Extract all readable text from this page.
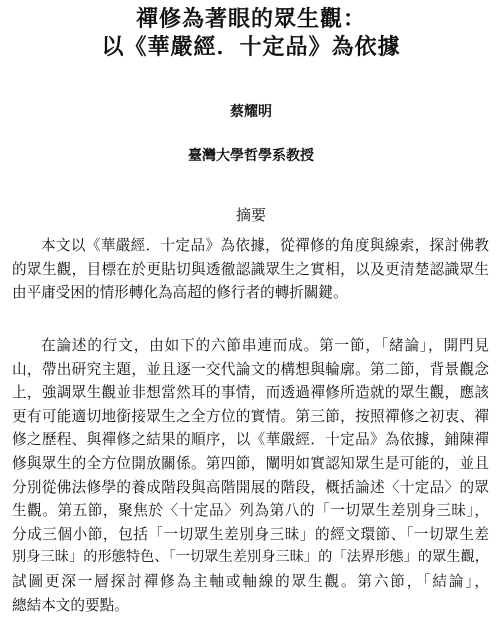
禪修為著眼的眾生觀：
以《華嚴經．十定品》為依據
蔡耀明
臺灣大學哲學系教授
摘要
本文以《華嚴經．十定品》為依據，從禪修的角度與線索，探討佛教
的眾生觀，目標在於更貼切與透徹認識眾生之實相，以及更清楚認識眾生
由平庸受困的情形轉化為高超的修行者的轉折關鍵。
在論述的行文，由如下的六節串連而成。第一節，「緒論」，開門見
山，帶出研究主題，並且逐一交代論文的構想與輪廓。第二節，背景觀念
上，強調眾生觀並非想當然耳的事情，而透過禪修所造就的眾生觀，應該
更有可能適切地銜接眾生之全方位的實情。第三節，按照禪修之初衷、禪
修之歷程、與禪修之結果的順序，以《華嚴經．十定品》為依據，鋪陳禪
修與眾生的全方位開放關係。第四節，闡明如實認知眾生是可能的，並且
分別從佛法修學的養成階段與高階開展的階段，概括論述〈十定品〉的眾
生觀。第五節，聚焦於〈十定品〉列為第八的「一切眾生差別身三昧」，
分成三個小節，包括「一切眾生差別身三昧」的經文環節、「一切眾生差
別身三昧」的形態特色、「一切眾生差別身三昧」的「法界形態」的眾生觀，
試圖更深一層探討禪修為主軸或軸線的眾生觀。第六節，「結論」，
總結本文的要點。
